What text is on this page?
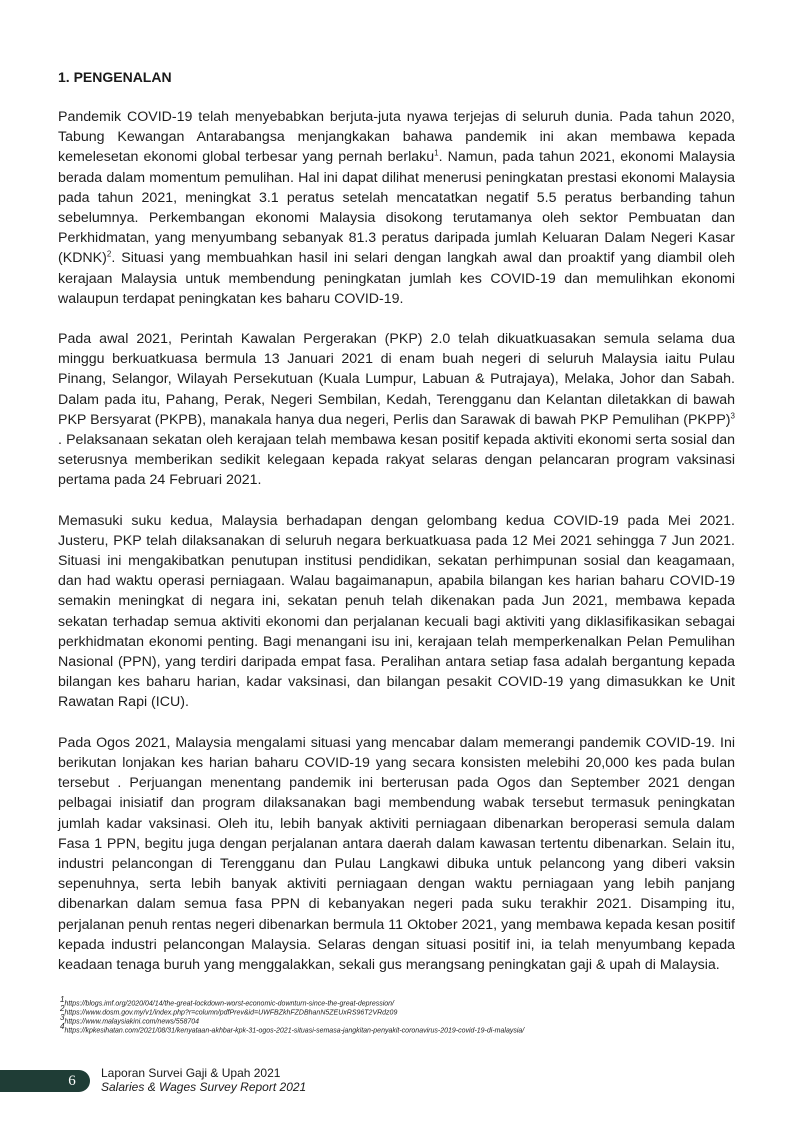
1. PENGENALAN

Pandemik COVID-19 telah menyebabkan berjuta-juta nyawa terjejas di seluruh dunia. Pada tahun 2020, Tabung Kewangan Antarabangsa menjangkakan bahawa pandemik ini akan membawa kepada kemelesetan ekonomi global terbesar yang pernah berlaku$^1$. Namun, pada tahun 2021, ekonomi Malaysia berada dalam momentum pemulihan. Hal ini dapat dilihat menerusi peningkatan prestasi ekonomi Malaysia pada tahun 2021, meningkat 3.1 peratus setelah mencatatkan negatif 5.5 peratus berbanding tahun sebelumnya. Perkembangan ekonomi Malaysia disokong terutamanya oleh sektor Pembuatan dan Perkhidmatan, yang menyumbang sebanyak 81.3 peratus daripada jumlah Keluaran Dalam Negeri Kasar (KDNK)$^2$. Situasi yang membuahkan hasil ini selari dengan langkah awal dan proaktif yang diambil oleh kerajaan Malaysia untuk membendung peningkatan jumlah kes COVID-19 dan memulihkan ekonomi walaupun terdapat peningkatan kes baharu COVID-19.

Pada awal 2021, Perintah Kawalan Pergerakan (PKP) 2.0 telah dikuatkuasakan semula selama dua minggu berkuatkuasa bermula 13 Januari 2021 di enam buah negeri di seluruh Malaysia iaitu Pulau Pinang, Selangor, Wilayah Persekutuan (Kuala Lumpur, Labuan & Putrajaya), Melaka, Johor dan Sabah. Dalam pada itu, Pahang, Perak, Negeri Sembilan, Kedah, Terengganu dan Kelantan diletakkan di bawah PKP Bersyarat (PKPB), manakala hanya dua negeri, Perlis dan Sarawak di bawah PKP Pemulihan (PKPP)$^3$ . Pelaksanaan sekatan oleh kerajaan telah membawa kesan positif kepada aktiviti ekonomi serta sosial dan seterusnya memberikan sedikit kelegaan kepada rakyat selaras dengan pelancaran program vaksinasi pertama pada 24 Februari 2021.

Memasuki suku kedua, Malaysia berhadapan dengan gelombang kedua COVID-19 pada Mei 2021. Justeru, PKP telah dilaksanakan di seluruh negara berkuatkuasa pada 12 Mei 2021 sehingga 7 Jun 2021. Situasi ini mengakibatkan penutupan institusi pendidikan, sekatan perhimpunan sosial dan keagamaan, dan had waktu operasi perniagaan. Walau bagaimanapun, apabila bilangan kes harian baharu COVID-19 semakin meningkat di negara ini, sekatan penuh telah dikenakan pada Jun 2021, membawa kepada sekatan terhadap semua aktiviti ekonomi dan perjalanan kecuali bagi aktiviti yang diklasifikasikan sebagai perkhidmatan ekonomi penting. Bagi menangani isu ini, kerajaan telah memperkenalkan Pelan Pemulihan Nasional (PPN), yang terdiri daripada empat fasa. Peralihan antara setiap fasa adalah bergantung kepada bilangan kes baharu harian, kadar vaksinasi, dan bilangan pesakit COVID-19 yang dimasukkan ke Unit Rawatan Rapi (ICU).

Pada Ogos 2021, Malaysia mengalami situasi yang mencabar dalam memerangi pandemik COVID-19. Ini berikutan lonjakan kes harian baharu COVID-19 yang secara konsisten melebihi 20,000 kes pada bulan tersebut . Perjuangan menentang pandemik ini berterusan pada Ogos dan September 2021 dengan pelbagai inisiatif dan program dilaksanakan bagi membendung wabak tersebut termasuk peningkatan jumlah kadar vaksinasi. Oleh itu, lebih banyak aktiviti perniagaan dibenarkan beroperasi semula dalam Fasa 1 PPN, begitu juga dengan perjalanan antara daerah dalam kawasan tertentu dibenarkan. Selain itu, industri pelancongan di Terengganu dan Pulau Langkawi dibuka untuk pelancong yang diberi vaksin sepenuhnya, serta lebih banyak aktiviti perniagaan dengan waktu perniagaan yang lebih panjang dibenarkan dalam semua fasa PPN di kebanyakan negeri pada suku terakhir 2021. Disamping itu, perjalanan penuh rentas negeri dibenarkan bermula 11 Oktober 2021, yang membawa kepada kesan positif kepada industri pelancongan Malaysia. Selaras dengan situasi positif ini, ia telah menyumbang kepada keadaan tenaga buruh yang menggalakkan, sekali gus merangsang peningkatan gaji & upah di Malaysia.

$^1$https://blogs.imf.org/2020/04/14/the-great-lockdown-worst-economic-downturn-since-the-great-depression/
$^2$https://www.dosm.gov.my/v1/index.php?r=column/pdfPrev&id=UWFBZkhFZDBhanN5ZEUxRS96T2VRdz09
$^3$https://www.malaysiakini.com/news/558704
$^4$https://kpkesihatan.com/2021/08/31/kenyataan-akhbar-kpk-31-ogos-2021-situasi-semasa-jangkitan-penyakit-coronavirus-2019-covid-19-di-malaysia/
6	Laporan Survei Gaji & Upah 2021
Salaries & Wages Survey Report 2021
